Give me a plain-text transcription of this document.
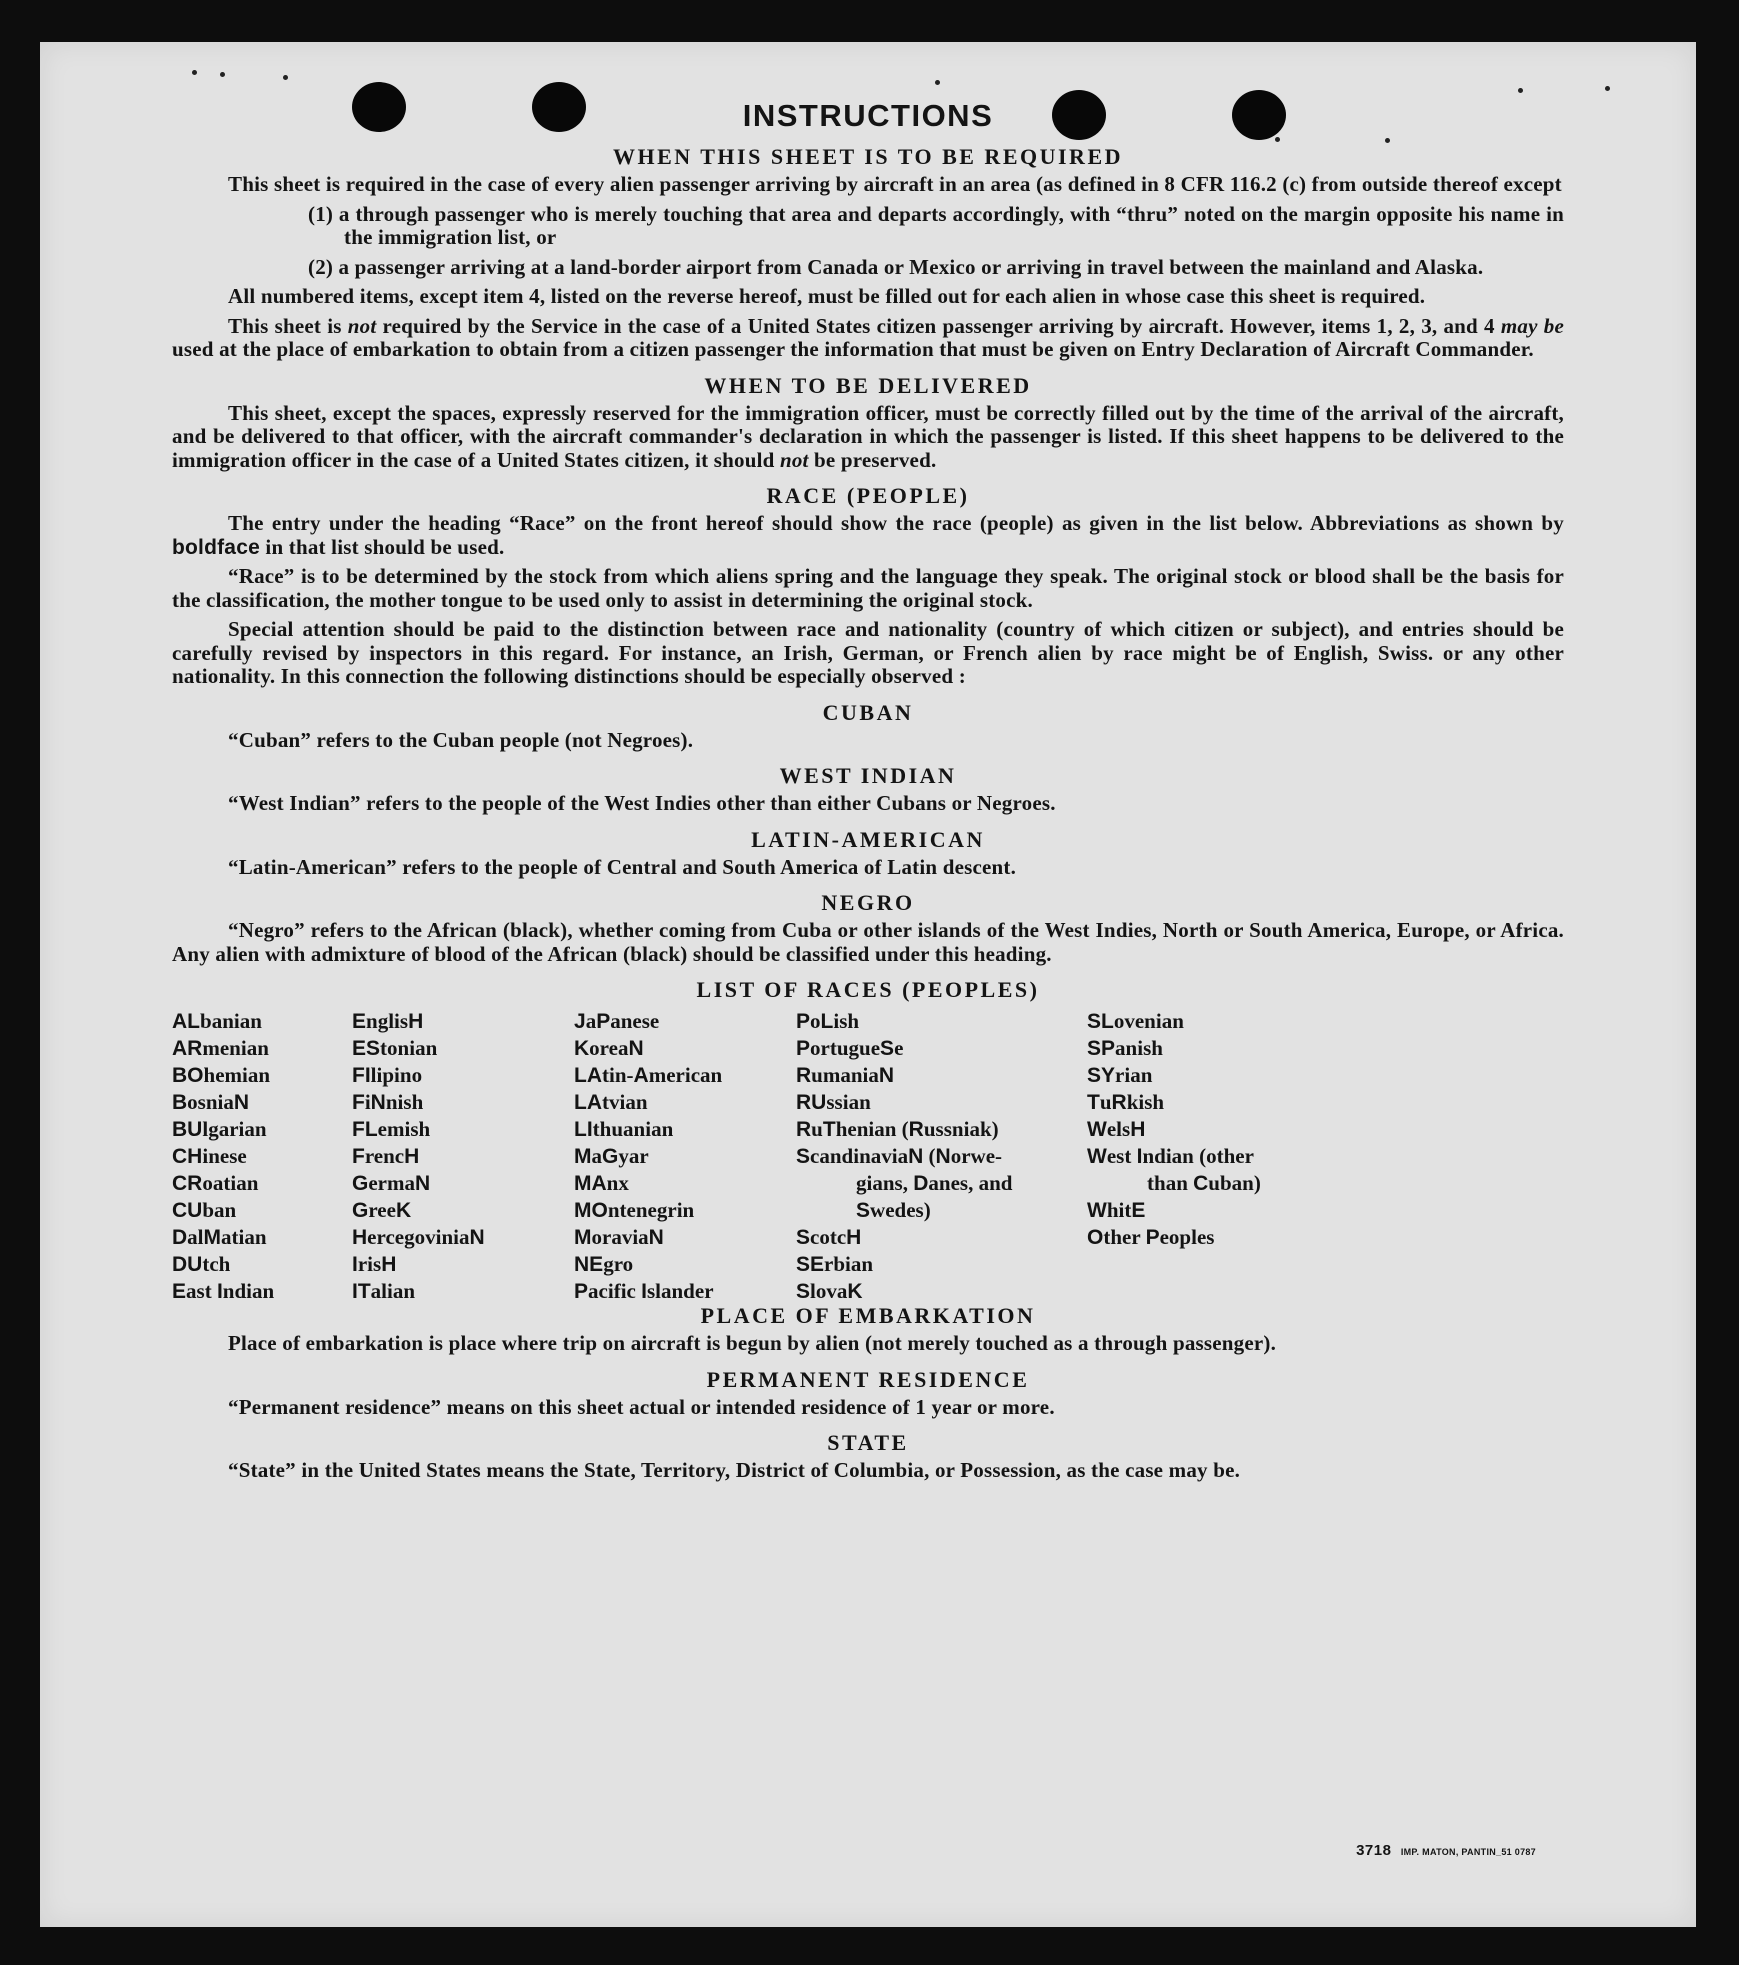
INSTRUCTIONS
WHEN THIS SHEET IS TO BE REQUIRED

This sheet is required in the case of every alien passenger arriving by aircraft in an area (as defined in 8 CFR 116.2 (c) from outside thereof except

(1) a through passenger who is merely touching that area and departs accordingly, with “thru” noted on the margin opposite his name in the immigration list, or
(2) a passenger arriving at a land-border airport from Canada or Mexico or arriving in travel between the mainland and Alaska.

All numbered items, except item 4, listed on the reverse hereof, must be filled out for each alien in whose case this sheet is required.

This sheet is not required by the Service in the case of a United States citizen passenger arriving by aircraft. However, items 1, 2, 3, and 4 may be used at the place of embarkation to obtain from a citizen passenger the information that must be given on Entry Declaration of Aircraft Commander.

WHEN TO BE DELIVERED

This sheet, except the spaces, expressly reserved for the immigration officer, must be correctly filled out by the time of the arrival of the aircraft, and be delivered to that officer, with the aircraft commander's declaration in which the passenger is listed. If this sheet happens to be delivered to the immigration officer in the case of a United States citizen, it should not be preserved.

RACE (PEOPLE)

The entry under the heading “Race” on the front hereof should show the race (people) as given in the list below. Abbreviations as shown by boldface in that list should be used.

“Race” is to be determined by the stock from which aliens spring and the language they speak. The original stock or blood shall be the basis for the classification, the mother tongue to be used only to assist in determining the original stock.

Special attention should be paid to the distinction between race and nationality (country of which citizen or subject), and entries should be carefully revised by inspectors in this regard. For instance, an Irish, German, or French alien by race might be of English, Swiss. or any other nationality. In this connection the following distinctions should be especially observed :

CUBAN

“Cuban” refers to the Cuban people (not Negroes).

WEST INDIAN

“West Indian” refers to the people of the West Indies other than either Cubans or Negroes.

LATIN-AMERICAN

“Latin-American” refers to the people of Central and South America of Latin descent.

NEGRO

“Negro” refers to the African (black), whether coming from Cuba or other islands of the West Indies, North or South America, Europe, or Africa. Any alien with admixture of blood of the African (black) should be classified under this heading.

LIST OF RACES (PEOPLES)
ALbanian
ARmenian
BOhemian
BosniaN
BUlgarian
CHinese
CRoatian
CUban
DalMatian
DUtch
East Indian
EnglisH
EStonian
FIlipino
FiNnish
FLemish
FrencH
GermaN
GreeK
HercegoviniaN
IrisH
ITalian
JaPanese
KoreaN
LAtin-American
LAtvian
LIthuanian
MaGyar
MAnx
MOntenegrin
MoraviaN
NEgro
Pacific Islander
PoLish
PortugueSe
RumaniaN
RUssian
RuThenian (Russniak)
ScandinaviaN (Norwe-
gians, Danes, and
Swedes)
ScotcH
SErbian
SlovaK
SLovenian
SPanish
SYrian
TuRkish
WelsH
West Indian (other
than Cuban)
WhitE
Other Peoples
PLACE OF EMBARKATION

Place of embarkation is place where trip on aircraft is begun by alien (not merely touched as a through passenger).

PERMANENT RESIDENCE

“Permanent residence” means on this sheet actual or intended residence of 1 year or more.

STATE

“State” in the United States means the State, Territory, District of Columbia, or Possession, as the case may be.

3718 IMP. MATON, PANTIN_51 0787
